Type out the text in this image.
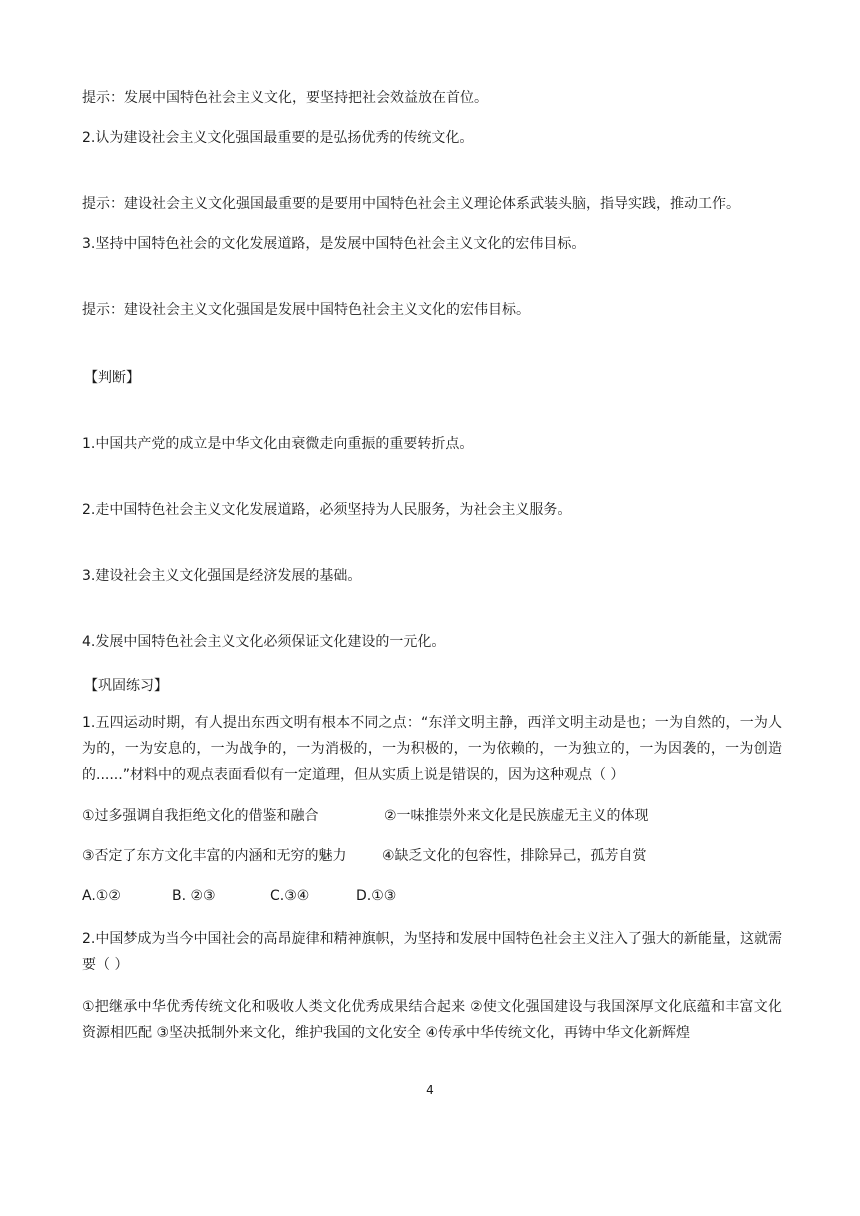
提示：发展中国特色社会主义文化，要坚持把社会效益放在首位。
2.认为建设社会主义文化强国最重要的是弘扬优秀的传统文化。
提示：建设社会主义文化强国最重要的是要用中国特色社会主义理论体系武装头脑，指导实践，推动工作。
3.坚持中国特色社会的文化发展道路，是发展中国特色社会主义文化的宏伟目标。
提示：建设社会主义文化强国是发展中国特色社会主义文化的宏伟目标。
【判断】
1.中国共产党的成立是中华文化由衰微走向重振的重要转折点。
2.走中国特色社会主义文化发展道路，必须坚持为人民服务，为社会主义服务。
3.建设社会主义文化强国是经济发展的基础。
4.发展中国特色社会主义文化必须保证文化建设的一元化。
【巩固练习】
1.五四运动时期，有人提出东西文明有根本不同之点：“东洋文明主静，西洋文明主动是也；一为自然的，一为人为的，一为安息的，一为战争的，一为消极的，一为积极的，一为依赖的，一为独立的，一为因袭的，一为创造的......”材料中的观点表面看似有一定道理，但从实质上说是错误的，因为这种观点（ ）
①过多强调自我拒绝文化的借鉴和融合	②一味推崇外来文化是民族虚无主义的体现
③否定了东方文化丰富的内涵和无穷的魅力	④缺乏文化的包容性，排除异己，孤芳自赏
A.①②	B. ②③	C.③④	D.①③
2.中国梦成为当今中国社会的高昂旋律和精神旗帜，为坚持和发展中国特色社会主义注入了强大的新能量，这就需要（ ）
①把继承中华优秀传统文化和吸收人类文化优秀成果结合起来 ②使文化强国建设与我国深厚文化底蕴和丰富文化资源相匹配 ③坚决抵制外来文化，维护我国的文化安全 ④传承中华传统文化，再铸中华文化新辉煌
4
